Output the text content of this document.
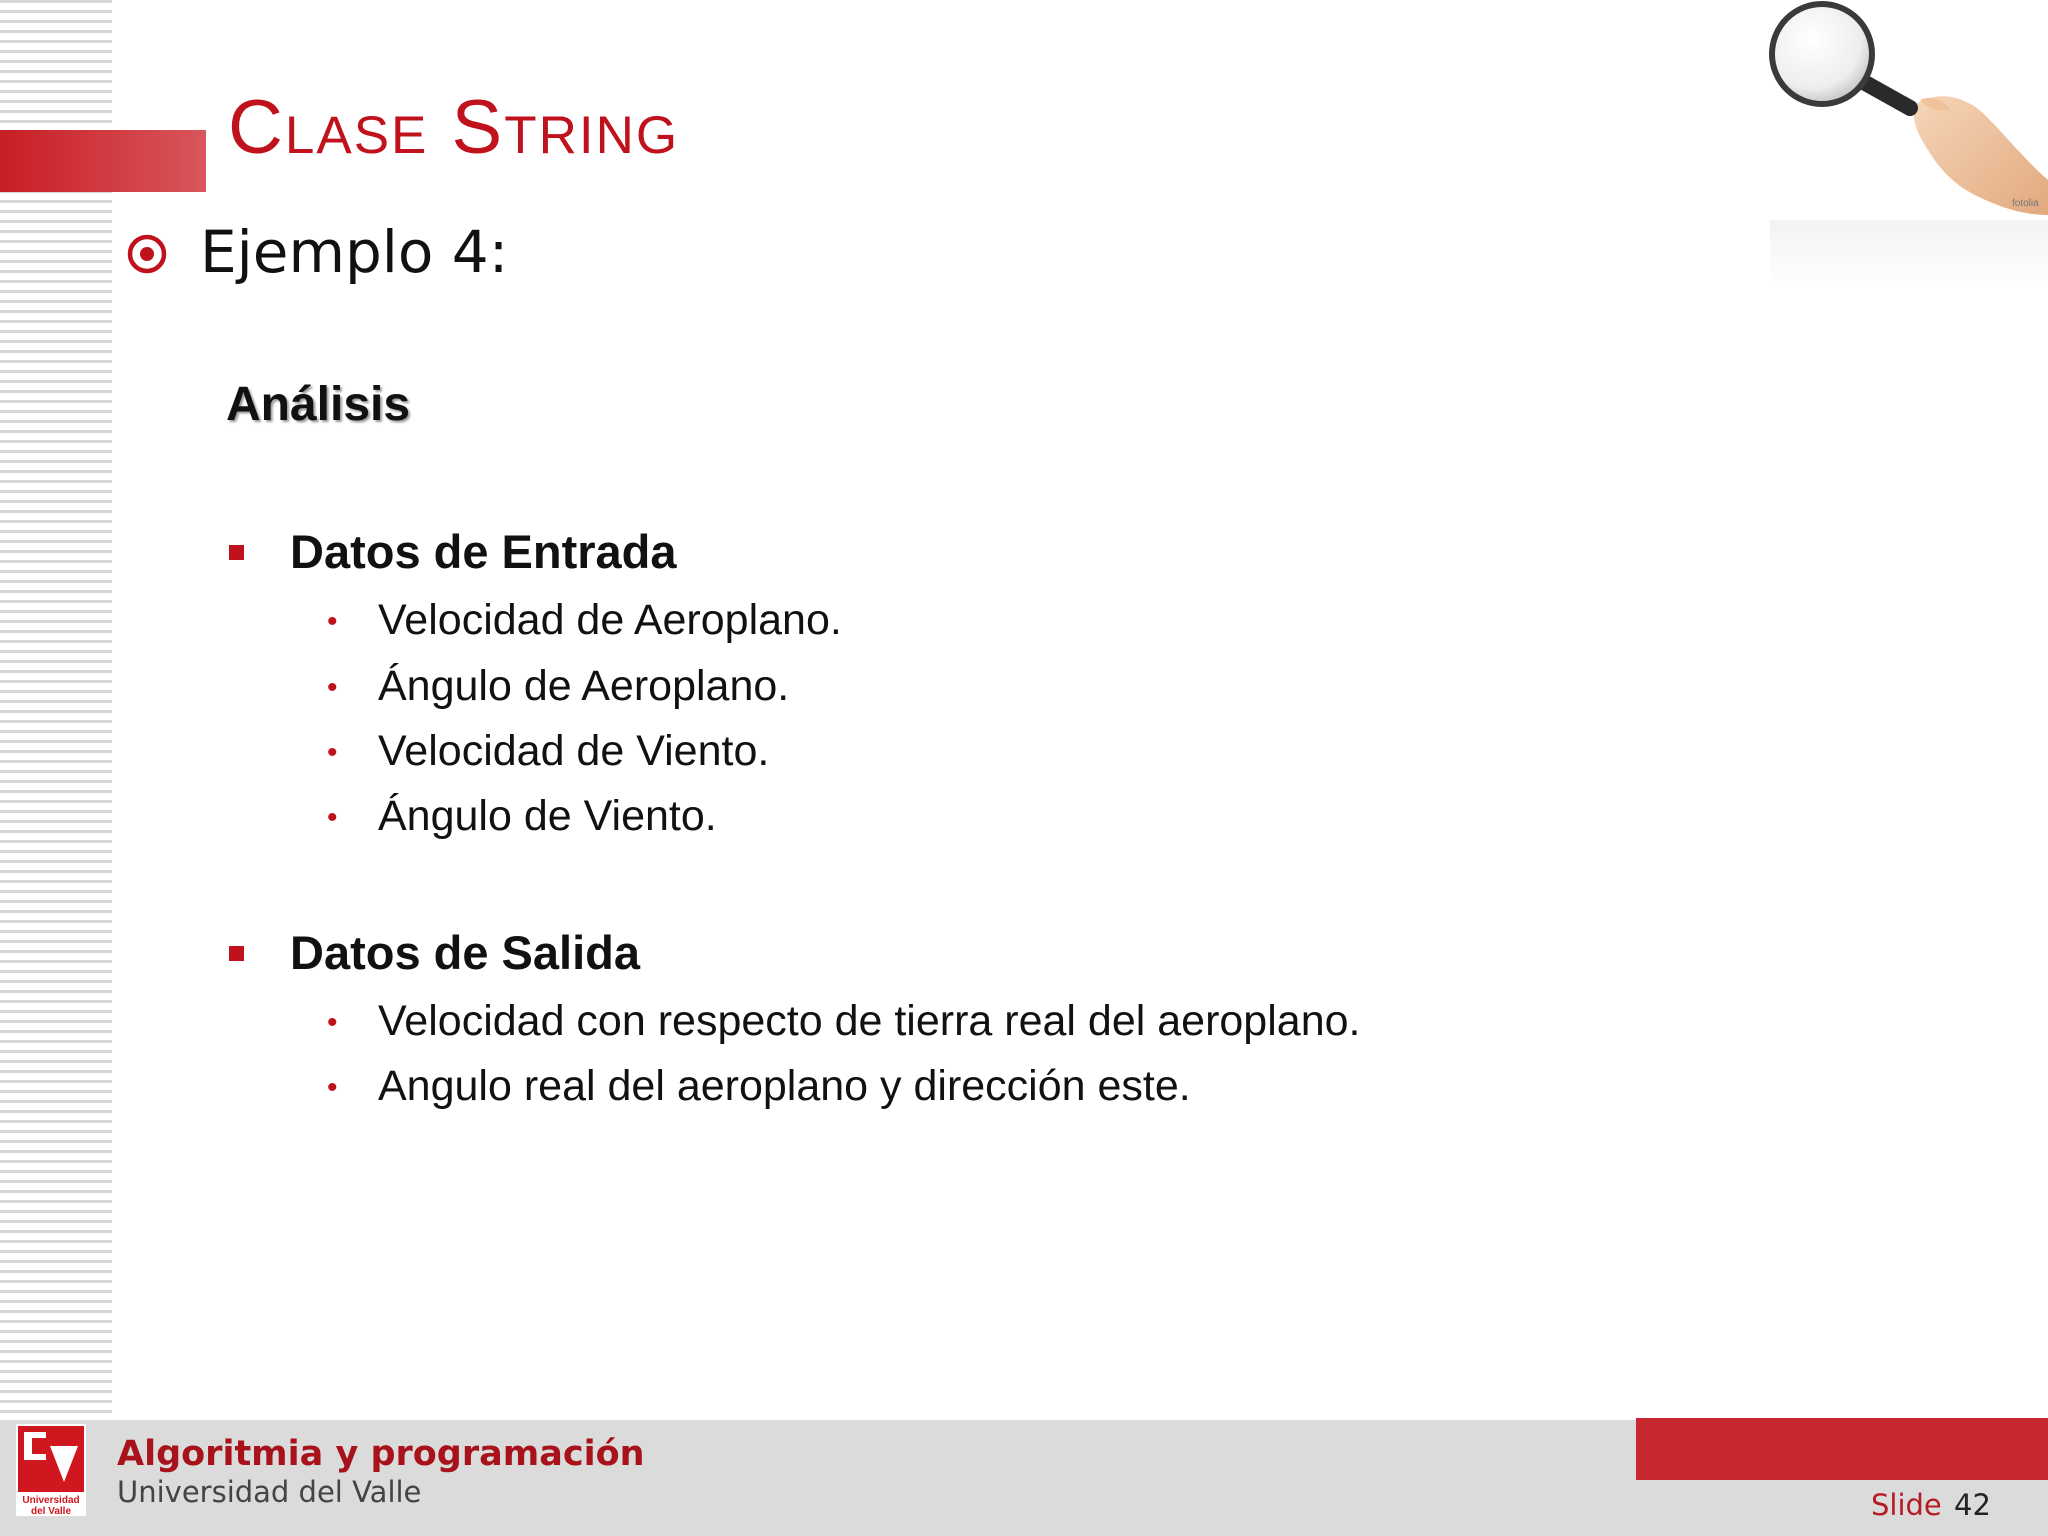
Clase String
fotolia
Ejemplo 4:
Análisis
Datos de Entrada
• Velocidad de Aeroplano.
• Ángulo de Aeroplano.
• Velocidad de Viento.
• Ángulo de Viento.
Datos de Salida
• Velocidad con respecto de tierra real del aeroplano.
• Angulo real del aeroplano y dirección este.
Universidad
del Valle
Algoritmia y programación
Universidad del Valle	Slide 42
